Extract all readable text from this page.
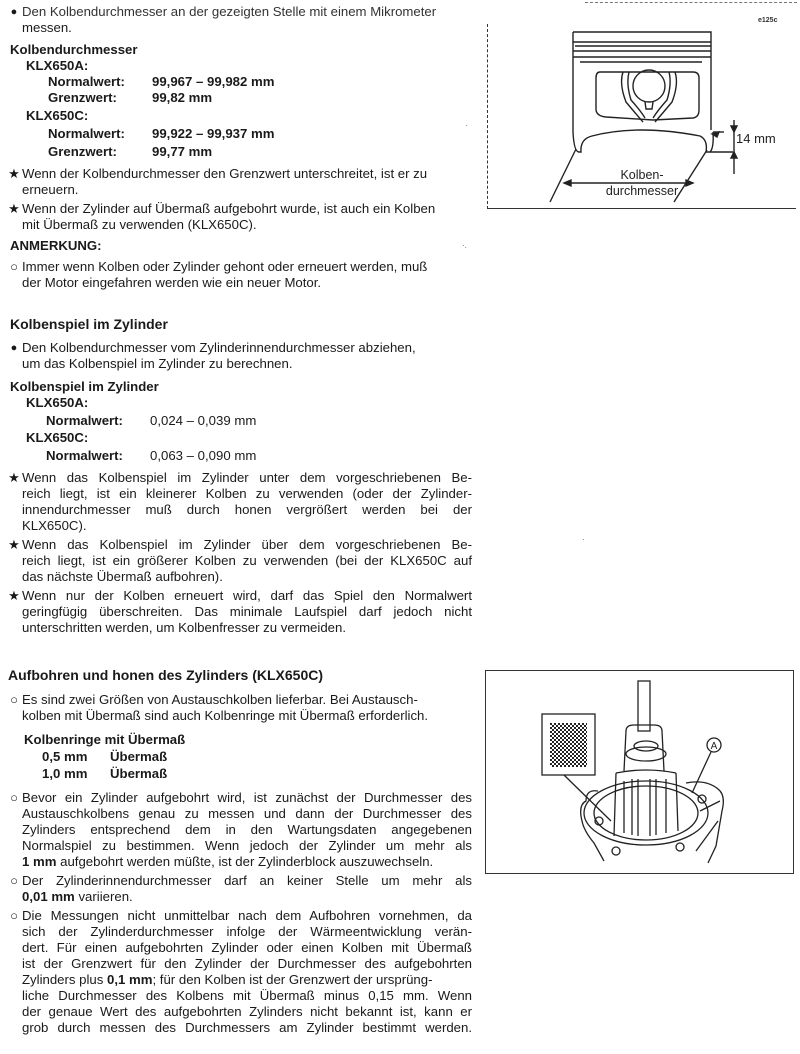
● Den Kolbendurchmesser an der gezeigten Stelle mit einem Mikrometer
messen.
Kolbendurchmesser
KLX650A:
Normalwert: 99,967 – 99,982 mm
Grenzwert:	99,82 mm
KLX650C:
Normalwert: 99,922 – 99,937 mm
Grenzwert:	99,77 mm
★ Wenn der Kolbendurchmesser den Grenzwert unterschreitet, ist er zu
erneuern.
★ Wenn der Zylinder auf Übermaß aufgebohrt wurde, ist auch ein Kolben
mit Übermaß zu verwenden (KLX650C).
ANMERKUNG:
○ Immer wenn Kolben oder Zylinder gehont oder erneuert werden, muß
der Motor eingefahren werden wie ein neuer Motor.
Kolbenspiel im Zylinder
● Den Kolbendurchmesser vom Zylinderinnendurchmesser abziehen,
um das Kolbenspiel im Zylinder zu berechnen.
Kolbenspiel im Zylinder
KLX650A:
Normalwert: 0,024 – 0,039 mm
KLX650C:
Normalwert: 0,063 – 0,090 mm
★ Wenn das Kolbenspiel im Zylinder unter dem vorgeschriebenen Be-
reich liegt, ist ein kleinerer Kolben zu verwenden (oder der Zylinder-
innendurchmesser muß durch honen vergrößert werden bei der
KLX650C).
★ Wenn das Kolbenspiel im Zylinder über dem vorgeschriebenen Be-
reich liegt, ist ein größerer Kolben zu verwenden (bei der KLX650C auf
das nächste Übermaß aufbohren).
★ Wenn nur der Kolben erneuert wird, darf das Spiel den Normalwert
geringfügig überschreiten. Das minimale Laufspiel darf jedoch nicht
unterschritten werden, um Kolbenfresser zu vermeiden.
Aufbohren und honen des Zylinders (KLX650C)
○ Es sind zwei Größen von Austauschkolben lieferbar. Bei Austausch-
kolben mit Übermaß sind auch Kolbenringe mit Übermaß erforderlich.
Kolbenringe mit Übermaß
0,5 mm Übermaß
1,0 mm Übermaß
○ Bevor ein Zylinder aufgebohrt wird, ist zunächst der Durchmesser des
Austauschkolbens genau zu messen und dann der Durchmesser des
Zylinders entsprechend dem in den Wartungsdaten angegebenen
Normalspiel zu bestimmen. Wenn jedoch der Zylinder um mehr als
1 mm aufgebohrt werden müßte, ist der Zylinderblock auszuwechseln.
○ Der Zylinderinnendurchmesser darf an keiner Stelle um mehr als
0,01 mm variieren.
○ Die Messungen nicht unmittelbar nach dem Aufbohren vornehmen, da
sich der Zylinderdurchmesser infolge der Wärmeentwicklung verän-
dert. Für einen aufgebohrten Zylinder oder einen Kolben mit Übermaß
ist der Grenzwert für den Zylinder der Durchmesser des aufgebohrten
Zylinders plus 0,1 mm; für den Kolben ist der Grenzwert der ursprüng-
liche Durchmesser des Kolbens mit Übermaß minus 0,15 mm. Wenn
der genaue Wert des aufgebohrten Zylinders nicht bekannt ist, kann er
grob durch messen des Durchmessers am Zylinder bestimmt werden.
·
·.
·
e125c
14 mm
Kolben-
durchmesser
A
